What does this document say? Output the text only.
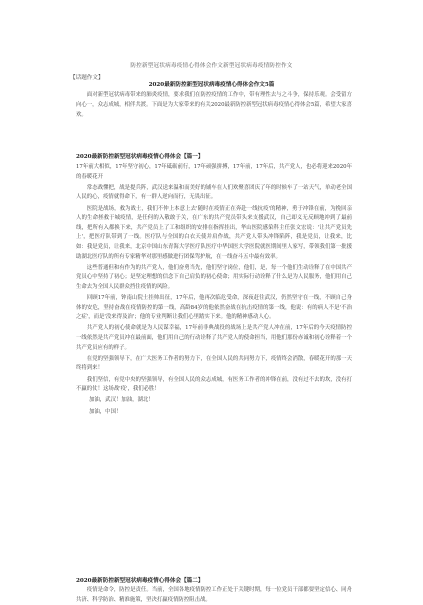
防控新型冠状病毒疫情心得体会作文新型冠状病毒疫情防控作文
【话题作文】
2020最新防控新型冠状病毒疫情心得体会作文5篇

面对新型冠状病毒带来的肺炎疫情，要求我们在防控疫情的工作中，带有理性去与之斗争，保持乐观。会受留方向心一，众志成城，相伴共渡。下面是为大家带来的有关2020最新防控新型冠状病毒疫情心得体会5篇，希望大家喜欢。

2020最新防控新型冠状病毒疫情心得体会【篇一】

17年前大相似，17年坚守初心，17年砥砺前行，17年顽强拼搏，17年前，17年后，共产党人，也必将迎来2020年的春暖花开

常态战懂把，战是提兵阵，武汉送来温和而美好的铺车在人们欢聚喜团庆了年的时候车了一站天气，单动老全国人民的心，疫情就得命下，有一群人逆向而行，无畏出征。

医院是战场，救为战士，我们不仲上本意上去'随时在疫情正在奔赴一线抗疫'的精神，勇于冲锋在前，为挽回亲人的生命拯救于城疫情，是任何的入敬敢于关，在广东的共产党员带头来支援武汉，自己却义无反顾地冲到了最前线，把所有入都换下来，共产党员上了工和组织的安排在指挥挂出，华山医院感染科主任张文宏说：'让共产党员先上'，把医疗队带到了一线。医疗队与全国的白衣天使并肩作战，共产党人带头冲锋陷阵，我是党员，让我来，比如：我是党员，让我来，北京中国山东青海大学医疗队医疗中华国医大学医院就医期间里人家写，带领我们第一批援助湖北医疗队的所有专家精华对那里感做进行团保驾护航，在一线奋斗五中最有效率。

这些普通但和有作为的共产党人，他们奋勇当先，他们坚守岗位，他们，是，每一个他们生动诠释了在中国共产党员心中坚持了初心；是坚定理想的信念下自己肩负的初心使命；用实际行动诠释了什么是为人民服务，他们用自己生命去为全国人民群众挡住疫情的风险。

回顾17年前，钟南山院士挂帅出征，17年后，他再次临危受命，深夜赶往武汉，仍然坚守在一线，不顾自己身体的安危，坚持奋战在疫情防控的第一线，高龄84岁的他依然奋战在抗击疫情的第一线，他说：有的病人不是'不治之症'，而是'没来得及治'；他的专业判断让我们心里踏实下来。他的精神感动人心。

共产党人的初心使命就是为人民谋幸福，17年前非典战役的战场上是共产党人冲在前，17年后的今天疫情防控一线依然是共产党员冲在最前面，他们用自己的行动诠释了共产党人的使命担当，用他们那份赤诚和初心诠释着一个共产党员应有的样子。

在党的坚强领导下，在广大医务工作者的努力下，在全国人民的共同努力下，疫情终会消散，春暖花开的那一天终将到来！

我们坚信，有党中央的坚强领导，有全国人民的众志成城，有医务工作者的冲锋在前，没有过不去的坎，没有打不赢的仗！这场战'疫'，我们必胜！

加油，武汉！加油，湖北！

加油，中国！

2020最新防控新型冠状病毒疫情心得体会【篇二】

疫情是命令，防控是责任。当前，全国各地疫情防控工作正处于关键时期，每一位党员干部都要坚定信心、同舟共济、科学防治、精准施策，坚决打赢疫情防控阻击战。
